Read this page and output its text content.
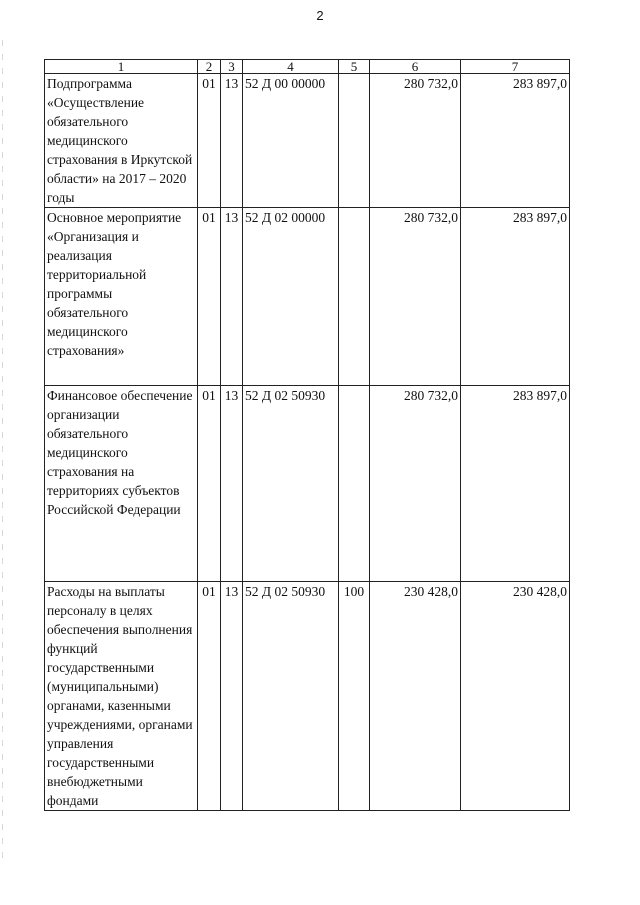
2
1	2	3	4	5	6	7
Подпрограмма «Осуществление обязательного медицинского страхования в Иркутской области» на 2017 – 2020 годы	01	13	52 Д 00 00000		280 732,0	283 897,0
Основное мероприятие «Организация и реализация территориальной программы обязательного медицинского страхования»	01	13	52 Д 02 00000		280 732,0	283 897,0
Финансовое обеспечение организации обязательного медицинского страхования на территориях субъектов Российской Федерации	01	13	52 Д 02 50930		280 732,0	283 897,0
Расходы на выплаты персоналу в целях обеспечения выполнения функций государственными (муниципальными) органами, казенными учреждениями, органами управления государственными внебюджетными фондами	01	13	52 Д 02 50930	100	230 428,0	230 428,0
